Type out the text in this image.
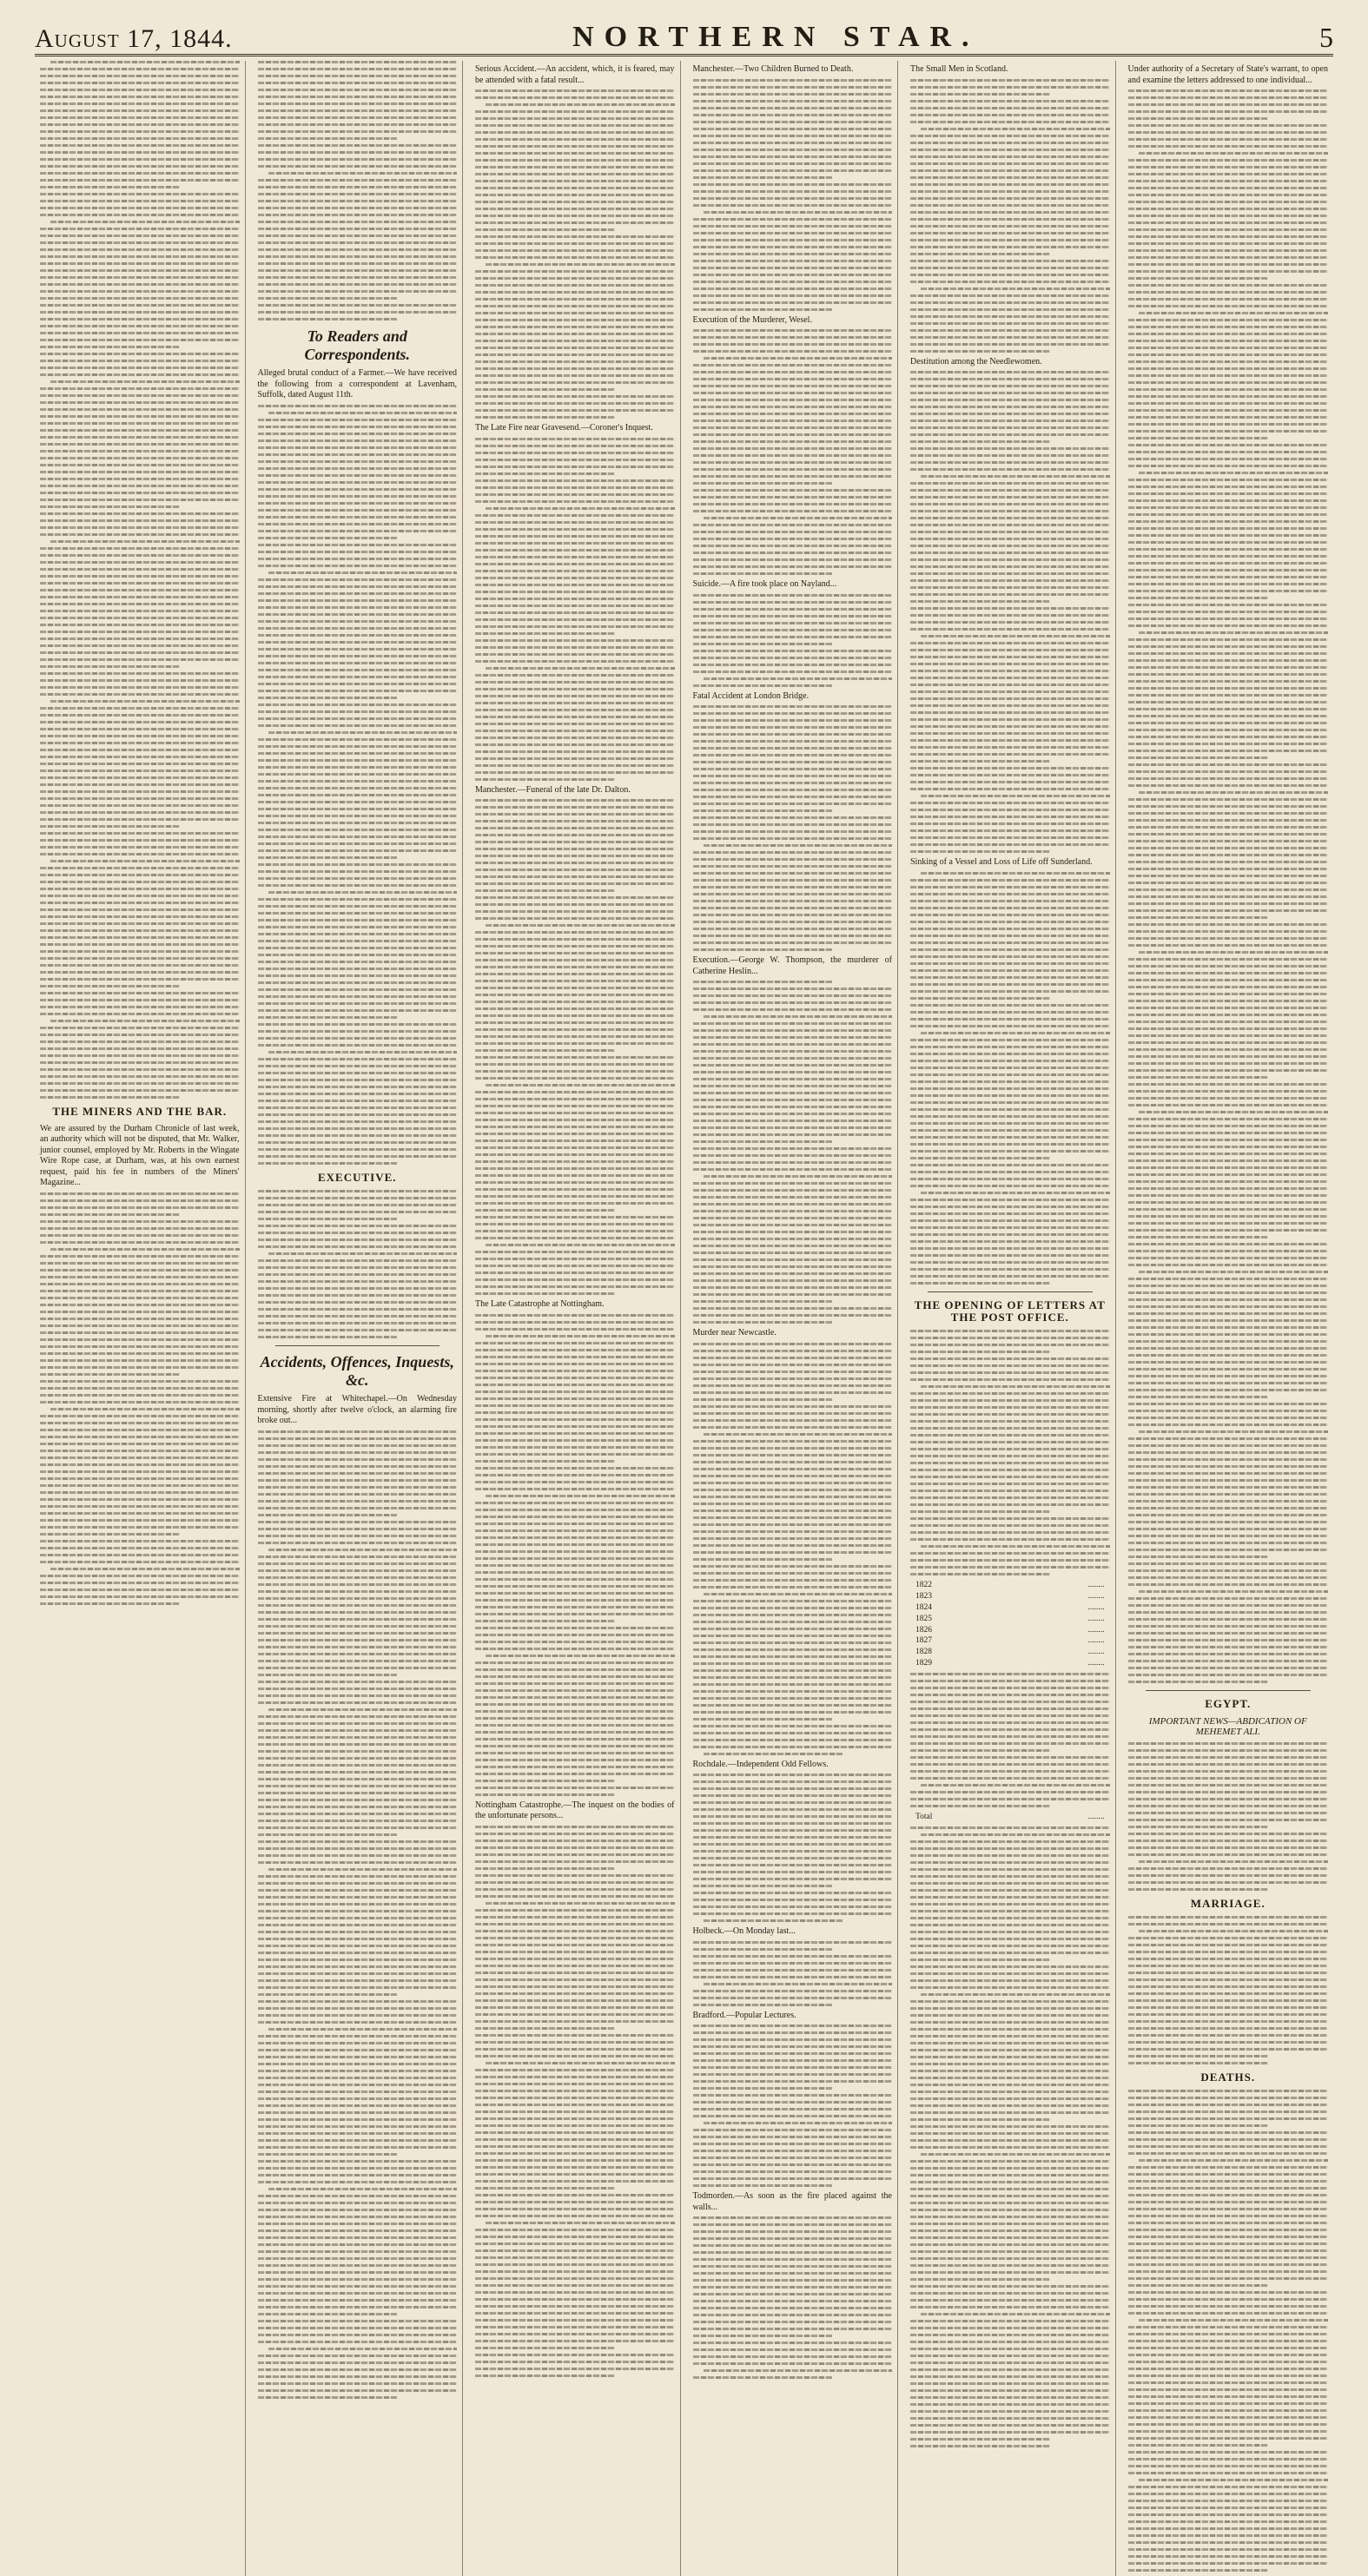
August 17, 1844.	NORTHERN STAR.	5
THE MINERS AND THE BAR.
We are assured by the Durham Chronicle of last week, an authority which will not be disputed, that Mr. Walker, junior counsel, employed by Mr. Roberts in the Wingate Wire Rope case, at Durham, was, at his own earnest request, paid his fee in numbers of the Miners' Magazine...
To Readers and Correspondents.
Alleged brutal conduct of a Farmer.—We have received the following from a correspondent at Lavenham, Suffolk, dated August 11th.
EXECUTIVE.
Accidents, Offences, Inquests, &c.
Extensive Fire at Whitechapel.—On Wednesday morning, shortly after twelve o'clock, an alarming fire broke out...
Serious Accident.—An accident, which, it is feared, may be attended with a fatal result...
The Late Fire near Gravesend.—Coroner's Inquest.
Manchester.—Funeral of the late Dr. Dalton.
The Late Catastrophe at Nottingham.
Nottingham Catastrophe.—The inquest on the bodies of the unfortunate persons...
Manchester.—Two Children Burned to Death.
Execution of the Murderer, Wesel.
Suicide.—A fire took place on Nayland...
Fatal Accident at London Bridge.
Execution.—George W. Thompson, the murderer of Catherine Heslin...
Murder near Newcastle.
Rochdale.—Independent Odd Fellows.
Holbeck.—On Monday last...
Bradford.—Popular Lectures.
Todmorden.—As soon as the fire placed against the walls...
The Small Men in Scotland.
Destitution among the Needlewomen.
Sinking of a Vessel and Loss of Life off Sunderland.
THE OPENING OF LETTERS AT THE POST OFFICE.
1822	........
1823	........
1824	........
1825	........
1826	........
1827	........
1828	........
1829	........
Total	........
Under authority of a Secretary of State's warrant, to open and examine the letters addressed to one individual...
EGYPT.
IMPORTANT NEWS—ABDICATION OF MEHEMET ALI.
MARRIAGE.
DEATHS.
